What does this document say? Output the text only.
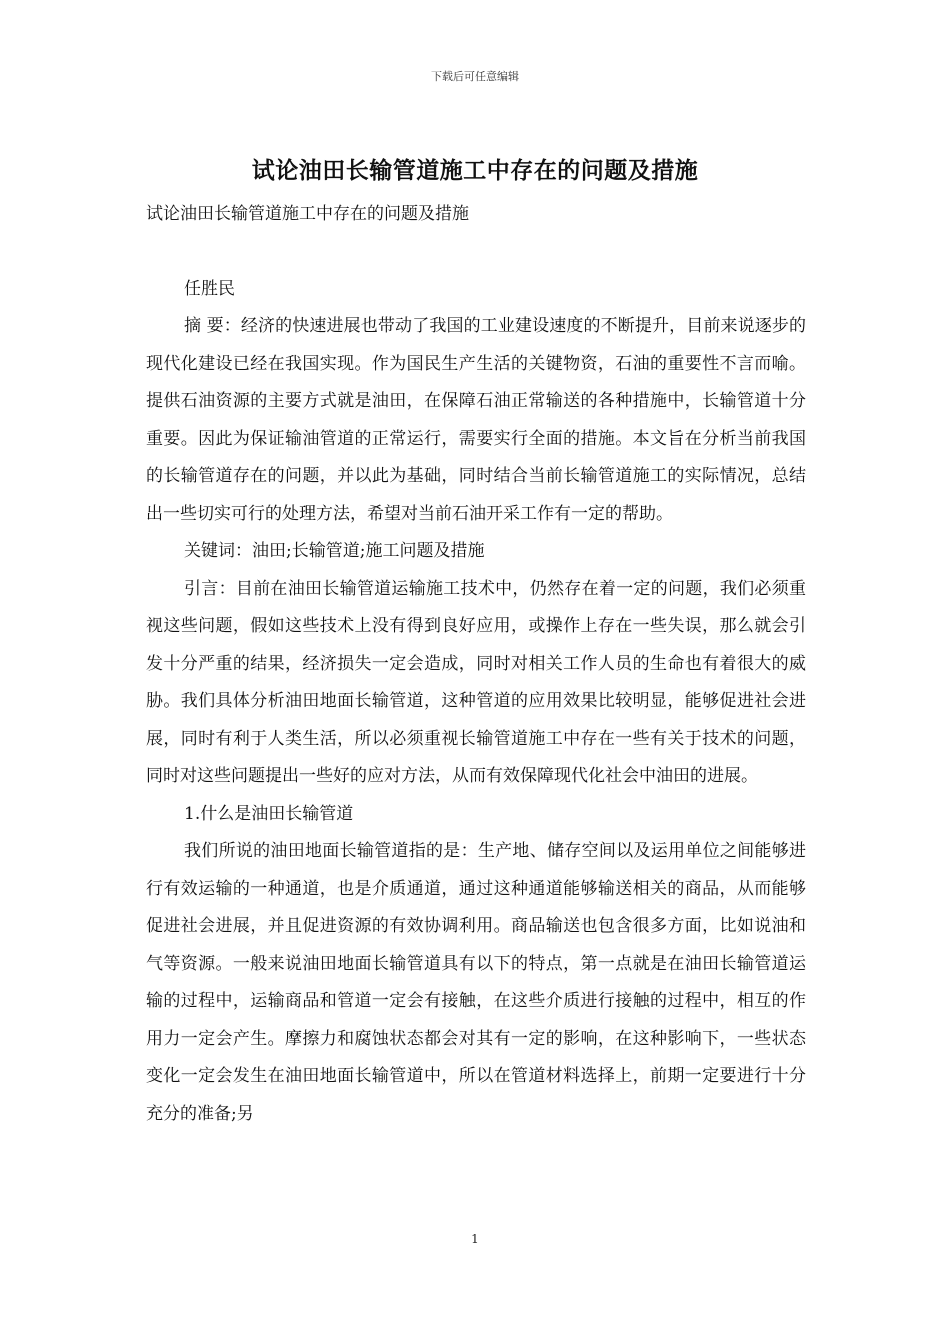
下载后可任意编辑
试论油田长输管道施工中存在的问题及措施

试论油田长输管道施工中存在的问题及措施

任胜民

摘 要：经济的快速进展也带动了我国的工业建设速度的不断提升，目前来说逐步的现代化建设已经在我国实现。作为国民生产生活的关键物资，石油的重要性不言而喻。提供石油资源的主要方式就是油田，在保障石油正常输送的各种措施中，长输管道十分重要。因此为保证输油管道的正常运行，需要实行全面的措施。本文旨在分析当前我国的长输管道存在的问题，并以此为基础，同时结合当前长输管道施工的实际情况，总结出一些切实可行的处理方法，希望对当前石油开采工作有一定的帮助。

关键词：油田;长输管道;施工问题及措施

引言：目前在油田长输管道运输施工技术中，仍然存在着一定的问题，我们必须重视这些问题，假如这些技术上没有得到良好应用，或操作上存在一些失误，那么就会引发十分严重的结果，经济损失一定会造成，同时对相关工作人员的生命也有着很大的威胁。我们具体分析油田地面长输管道，这种管道的应用效果比较明显，能够促进社会进展，同时有利于人类生活，所以必须重视长输管道施工中存在一些有关于技术的问题，同时对这些问题提出一些好的应对方法，从而有效保障现代化社会中油田的进展。

1.什么是油田长输管道

我们所说的油田地面长输管道指的是：生产地、储存空间以及运用单位之间能够进行有效运输的一种通道，也是介质通道，通过这种通道能够输送相关的商品，从而能够促进社会进展，并且促进资源的有效协调利用。商品输送也包含很多方面，比如说油和气等资源。一般来说油田地面长输管道具有以下的特点，第一点就是在油田长输管道运输的过程中，运输商品和管道一定会有接触，在这些介质进行接触的过程中，相互的作用力一定会产生。摩擦力和腐蚀状态都会对其有一定的影响，在这种影响下，一些状态变化一定会发生在油田地面长输管道中，所以在管道材料选择上，前期一定要进行十分充分的准备;另

1
